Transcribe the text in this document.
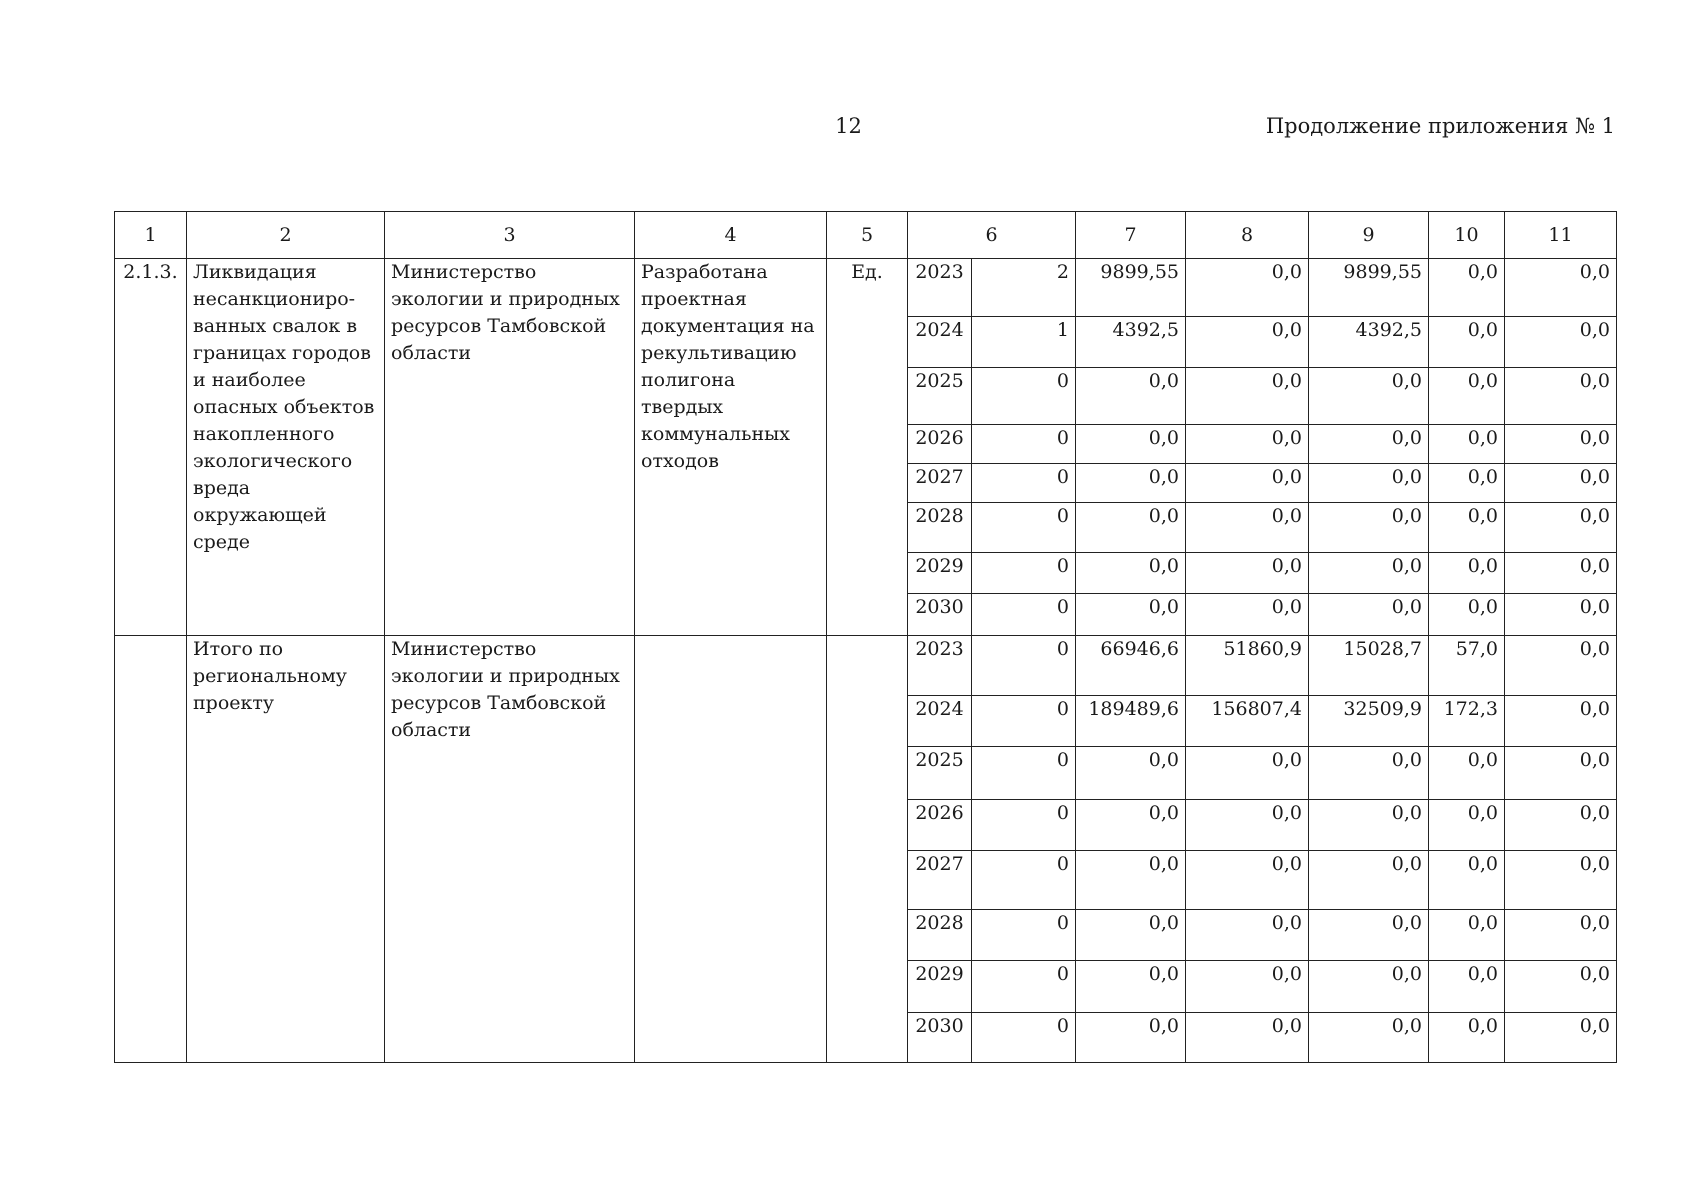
12	Продолжение приложения № 1
1	2	3	4	5	6		7	8	9	10	11
2.1.3.	Ликвидация несанкциониро-ванных свалок в границах городов и наиболее опасных объектов накопленного экологического вреда окружающей среде	Министерство экологии и природных ресурсов Тамбовской области	Разработана проектная документация на рекультивацию полигона твердых коммунальных отходов	Ед.	2023	2	9899,55	0,0	9899,55	0,0	0,0
					2024	1	4392,5	0,0	4392,5	0,0	0,0
					2025	0	0,0	0,0	0,0	0,0	0,0
					2026	0	0,0	0,0	0,0	0,0	0,0
					2027	0	0,0	0,0	0,0	0,0	0,0
					2028	0	0,0	0,0	0,0	0,0	0,0
					2029	0	0,0	0,0	0,0	0,0	0,0
					2030	0	0,0	0,0	0,0	0,0	0,0
	Итого по региональному проекту	Министерство экологии и природных ресурсов Тамбовской области			2023	0	66946,6	51860,9	15028,7	57,0	0,0
					2024	0	189489,6	156807,4	32509,9	172,3	0,0
					2025	0	0,0	0,0	0,0	0,0	0,0
					2026	0	0,0	0,0	0,0	0,0	0,0
					2027	0	0,0	0,0	0,0	0,0	0,0
					2028	0	0,0	0,0	0,0	0,0	0,0
					2029	0	0,0	0,0	0,0	0,0	0,0
					2030	0	0,0	0,0	0,0	0,0	0,0
